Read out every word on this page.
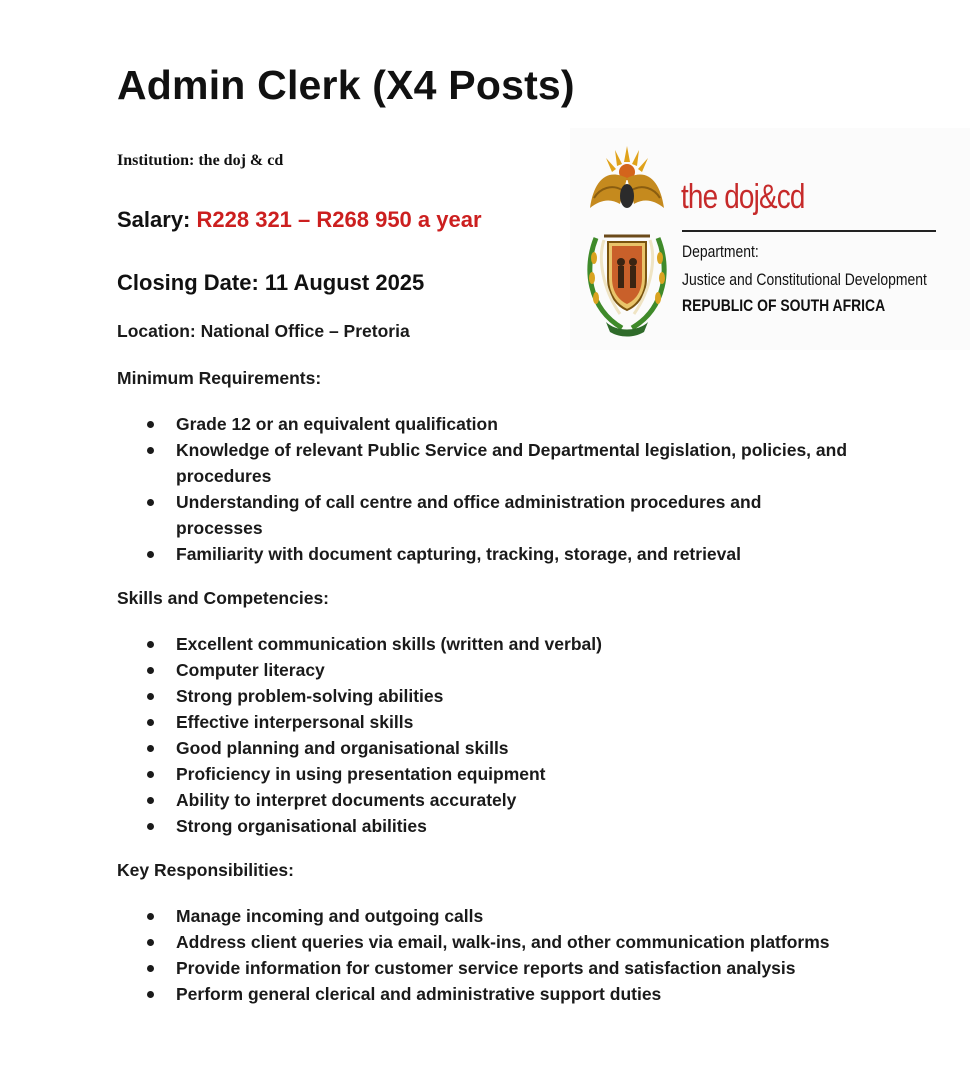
Admin Clerk (X4 Posts)
Institution: the doj & cd
Salary: R228 321 – R268 950 a year
Closing Date: 11 August 2025
Location: National Office – Pretoria
the doj&cd
Department:
Justice and Constitutional Development
REPUBLIC OF SOUTH AFRICA
Minimum Requirements:
Grade 12 or an equivalent qualification
Knowledge of relevant Public Service and Departmental legislation, policies, and procedures
Understanding of call centre and office administration procedures and processes
Familiarity with document capturing, tracking, storage, and retrieval
Skills and Competencies:
Excellent communication skills (written and verbal)
Computer literacy
Strong problem-solving abilities
Effective interpersonal skills
Good planning and organisational skills
Proficiency in using presentation equipment
Ability to interpret documents accurately
Strong organisational abilities
Key Responsibilities:
Manage incoming and outgoing calls
Address client queries via email, walk-ins, and other communication platforms
Provide information for customer service reports and satisfaction analysis
Perform general clerical and administrative support duties
